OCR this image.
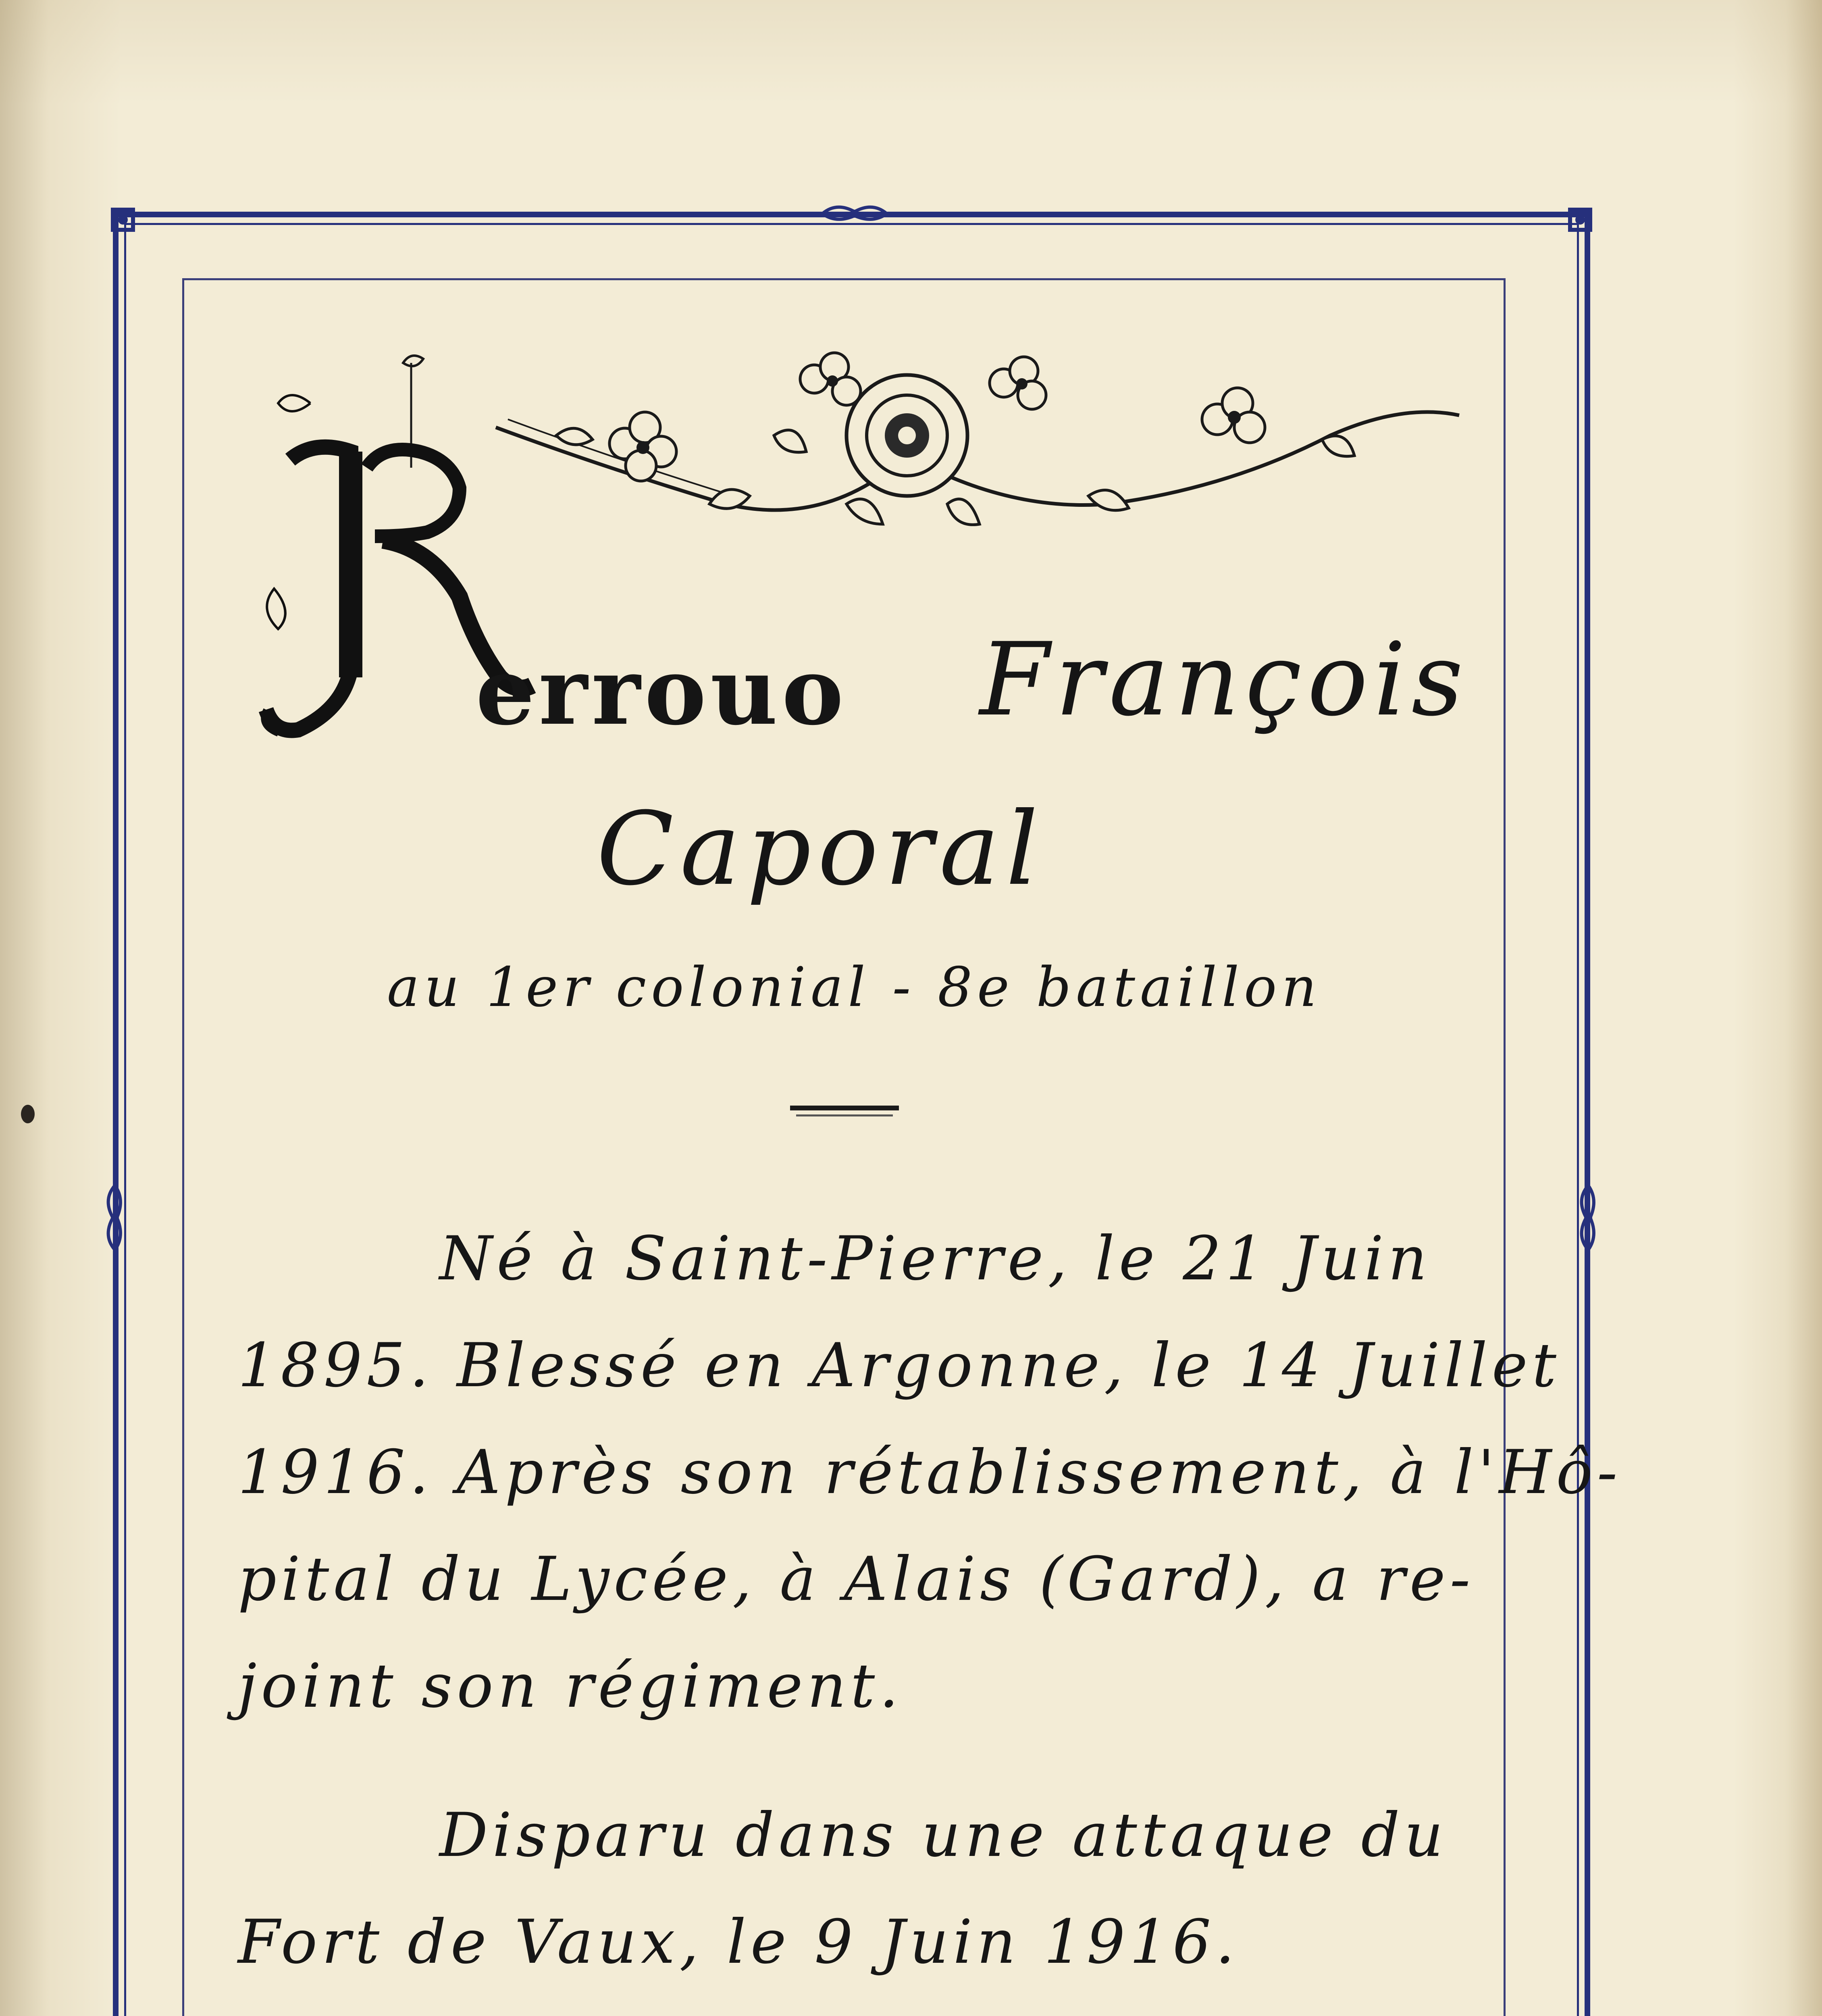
errouo François
Caporal
au 1er colonial - 8e bataillon
Né à Saint-Pierre, le 21 Juin
1895. Blessé en Argonne, le 14 Juillet
1916. Après son rétablissement, à l'Hô-
pital du Lycée, à Alais (Gard), a re-
joint son régiment.
Disparu dans une attaque du
Fort de Vaux, le 9 Juin 1916.
